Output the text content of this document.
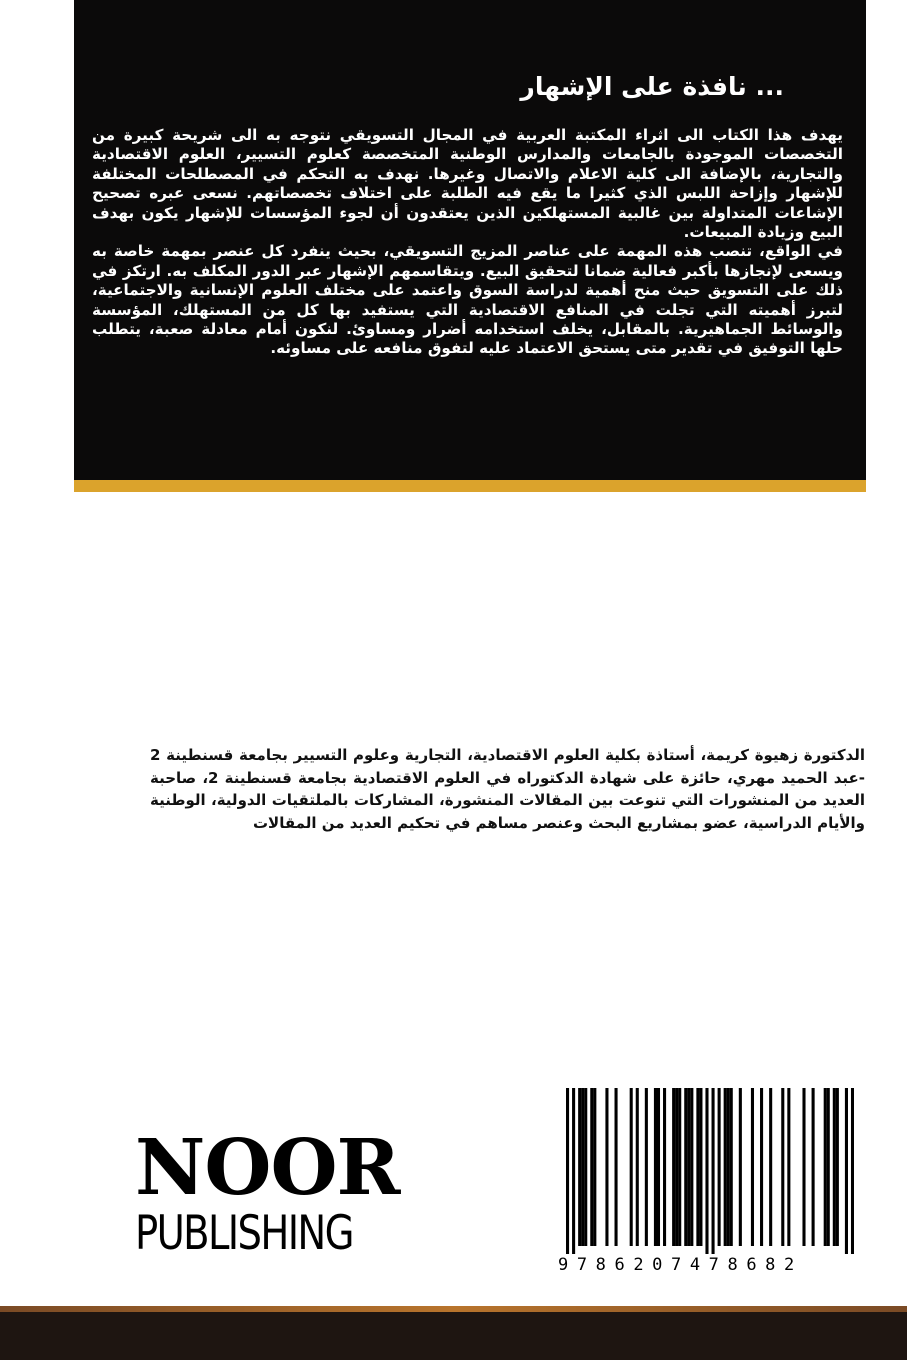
... نافذة على الإشهار

يهدف هذا الكتاب الى اثراء المكتبة العربية في المجال التسويقي نتوجه به الى شريحة كبيرة من التخصصات الموجودة بالجامعات والمدارس الوطنية المتخصصة كعلوم التسيير، العلوم الاقتصادية والتجارية، بالإضافة الى كلية الاعلام والاتصال وغيرها. نهدف به التحكم في المصطلحات المختلفة للإشهار وإزاحة اللبس الذي كثيرا ما يقع فيه الطلبة على اختلاف تخصصاتهم. نسعى عبره تصحيح الإشاعات المتداولة بين غالبية المستهلكين الذين يعتقدون أن لجوء المؤسسات للإشهار يكون بهدف البيع وزيادة المبيعات.

في الواقع، تنصب هذه المهمة على عناصر المزيج التسويقي، بحيث ينفرد كل عنصر بمهمة خاصة به ويسعى لإنجازها بأكبر فعالية ضمانا لتحقيق البيع. ويتقاسمهم الإشهار عبر الدور المكلف به. ارتكز في ذلك على التسويق حيث منح أهمية لدراسة السوق واعتمد على مختلف العلوم الإنسانية والاجتماعية، لتبرز أهميته التي تجلت في المنافع الاقتصادية التي يستفيد بها كل من المستهلك، المؤسسة والوسائط الجماهيرية. بالمقابل، يخلف استخدامه أضرار ومساوئ. لنكون أمام معادلة صعبة، يتطلب حلها التوفيق في تقدير متى يستحق الاعتماد عليه لتفوق منافعه على مساوئه.

الدكتورة زهيوة كريمة، أستاذة بكلية العلوم الاقتصادية، التجارية وعلوم التسيير بجامعة قسنطينة 2 -عبد الحميد مهري، حائزة على شهادة الدكتوراه في العلوم الاقتصادية بجامعة قسنطينة 2، صاحبة العديد من المنشورات التي تنوعت بين المقالات المنشورة، المشاركات بالملتقيات الدولية، الوطنية والأيام الدراسية، عضو بمشاريع البحث وعنصر مساهم في تحكيم العديد من المقالات
NOOR
PUBLISHING
9786207478682
